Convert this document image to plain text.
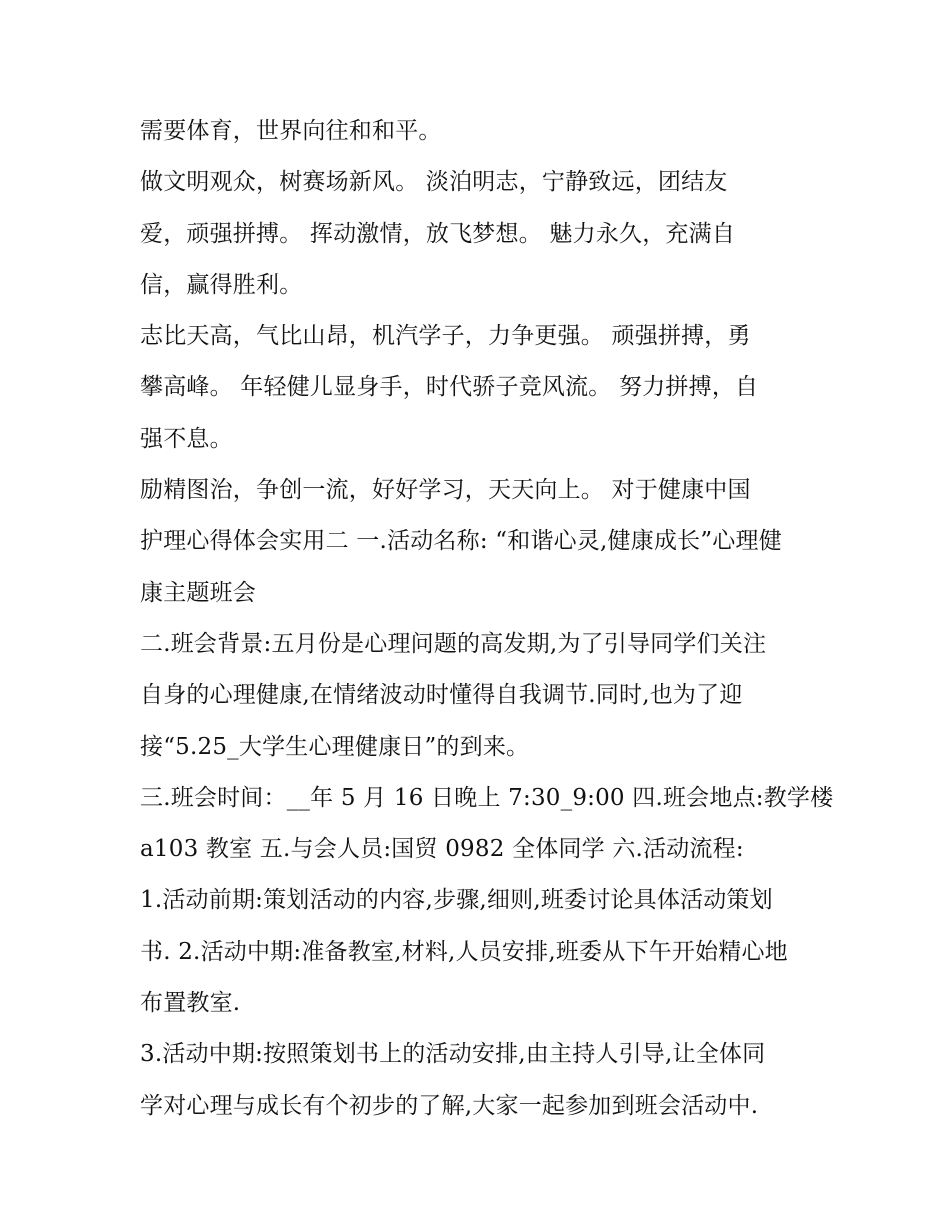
需要体育，世界向往和和平。
做文明观众，树赛场新风。 淡泊明志，宁静致远，团结友
爱，顽强拼搏。 挥动激情，放飞梦想。 魅力永久，充满自
信，赢得胜利。
志比天高，气比山昂，机汽学子，力争更强。 顽强拼搏，勇
攀高峰。 年轻健儿显身手，时代骄子竞风流。 努力拼搏，自
强不息。
励精图治，争创一流，好好学习，天天向上。 对于健康中国
护理心得体会实用二 一.活动名称: “和谐心灵,健康成长”心理健
康主题班会
二.班会背景:五月份是心理问题的高发期,为了引导同学们关注
自身的心理健康,在情绪波动时懂得自我调节.同时,也为了迎
接“5.25_大学生心理健康日”的到来。
三.班会时间：__年 5 月 16 日晚上 7:30_9:00 四.班会地点:教学楼
a103 教室 五.与会人员:国贸 0982 全体同学 六.活动流程:
1.活动前期:策划活动的内容,步骤,细则,班委讨论具体活动策划
书. 2.活动中期:准备教室,材料,人员安排,班委从下午开始精心地
布置教室.
3.活动中期:按照策划书上的活动安排,由主持人引导,让全体同
学对心理与成长有个初步的了解,大家一起参加到班会活动中.
